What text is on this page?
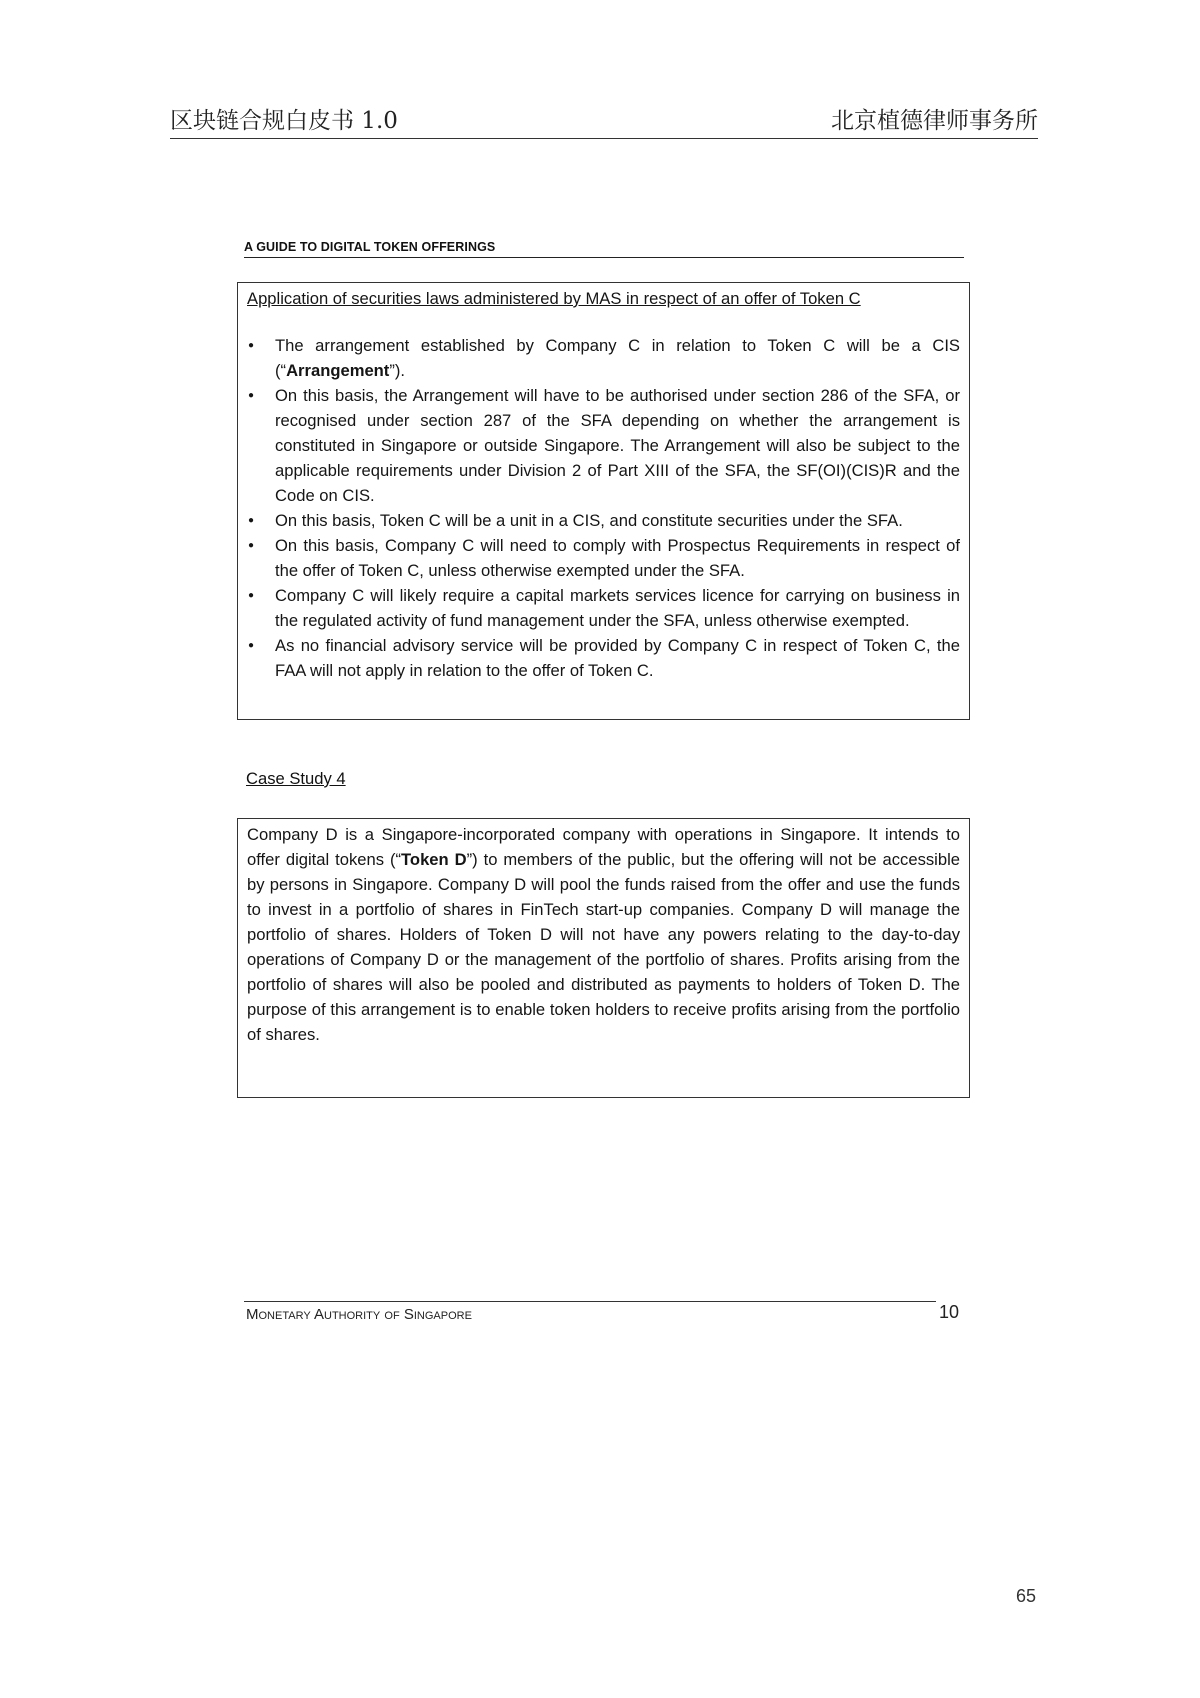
区块链合规白皮书 1.0	北京植德律师事务所
A GUIDE TO DIGITAL TOKEN OFFERINGS
Application of securities laws administered by MAS in respect of an offer of Token C
● The arrangement established by Company C in relation to Token C will be a CIS (“Arrangement”).
● On this basis, the Arrangement will have to be authorised under section 286 of the SFA, or recognised under section 287 of the SFA depending on whether the arrangement is constituted in Singapore or outside Singapore. The Arrangement will also be subject to the applicable requirements under Division 2 of Part XIII of the SFA, the SF(OI)(CIS)R and the Code on CIS.
● On this basis, Token C will be a unit in a CIS, and constitute securities under the SFA.
● On this basis, Company C will need to comply with Prospectus Requirements in respect of the offer of Token C, unless otherwise exempted under the SFA.
● Company C will likely require a capital markets services licence for carrying on business in the regulated activity of fund management under the SFA, unless otherwise exempted.
● As no financial advisory service will be provided by Company C in respect of Token C, the FAA will not apply in relation to the offer of Token C.
Case Study 4

Company D is a Singapore-incorporated company with operations in Singapore. It intends to offer digital tokens (“Token D”) to members of the public, but the offering will not be accessible by persons in Singapore. Company D will pool the funds raised from the offer and use the funds to invest in a portfolio of shares in FinTech start-up companies. Company D will manage the portfolio of shares. Holders of Token D will not have any powers relating to the day-to-day operations of Company D or the management of the portfolio of shares. Profits arising from the portfolio of shares will also be pooled and distributed as payments to holders of Token D. The purpose of this arrangement is to enable token holders to receive profits arising from the portfolio of shares.

Monetary Authority of Singapore	10
65
